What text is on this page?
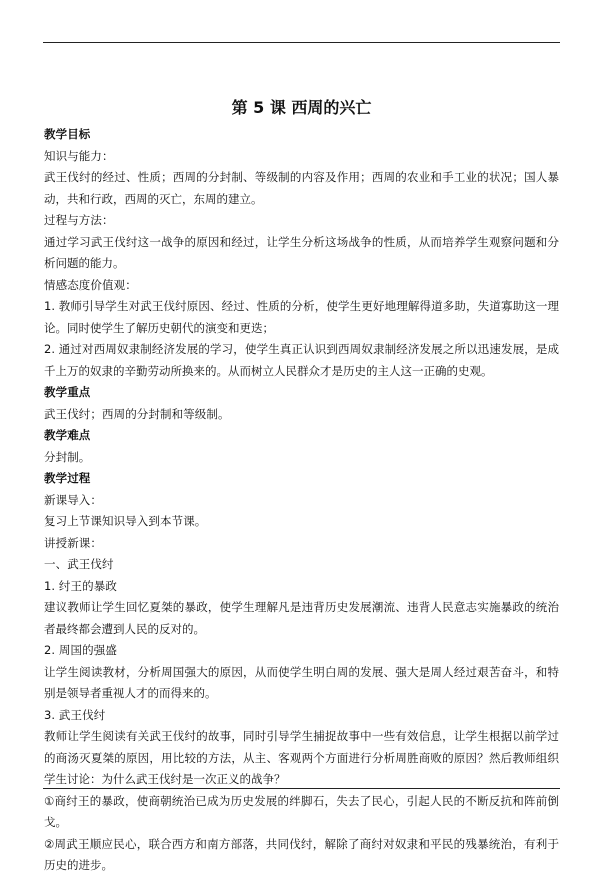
第 5 课 西周的兴亡
教学目标
知识与能力：
武王伐纣的经过、性质；西周的分封制、等级制的内容及作用；西周的农业和手工业的状况；国人暴动，共和行政，西周的灭亡，东周的建立。
过程与方法：
通过学习武王伐纣这一战争的原因和经过，让学生分析这场战争的性质，从而培养学生观察问题和分析问题的能力。
情感态度价值观：
1. 教师引导学生对武王伐纣原因、经过、性质的分析，使学生更好地理解得道多助，失道寡助这一理论。同时使学生了解历史朝代的演变和更迭；
2. 通过对西周奴隶制经济发展的学习，使学生真正认识到西周奴隶制经济发展之所以迅速发展，是成千上万的奴隶的辛勤劳动所换来的。从而树立人民群众才是历史的主人这一正确的史观。
教学重点
武王伐纣；西周的分封制和等级制。
教学难点
分封制。
教学过程
新课导入：
复习上节课知识导入到本节课。
讲授新课：
一、武王伐纣
1. 纣王的暴政
建议教师让学生回忆夏桀的暴政，使学生理解凡是违背历史发展潮流、违背人民意志实施暴政的统治者最终都会遭到人民的反对的。
2. 周国的强盛
让学生阅读教材，分析周国强大的原因，从而使学生明白周的发展、强大是周人经过艰苦奋斗，和特别是领导者重视人才的而得来的。
3. 武王伐纣
教师让学生阅读有关武王伐纣的故事，同时引导学生捕捉故事中一些有效信息，让学生根据以前学过的商汤灭夏桀的原因，用比较的方法，从主、客观两个方面进行分析周胜商败的原因？然后教师组织学生讨论：为什么武王伐纣是一次正义的战争？
①商纣王的暴政，使商朝统治已成为历史发展的绊脚石，失去了民心，引起人民的不断反抗和阵前倒戈。
②周武王顺应民心，联合西方和南方部落，共同伐纣，解除了商纣对奴隶和平民的残暴统治，有利于历史的进步。
